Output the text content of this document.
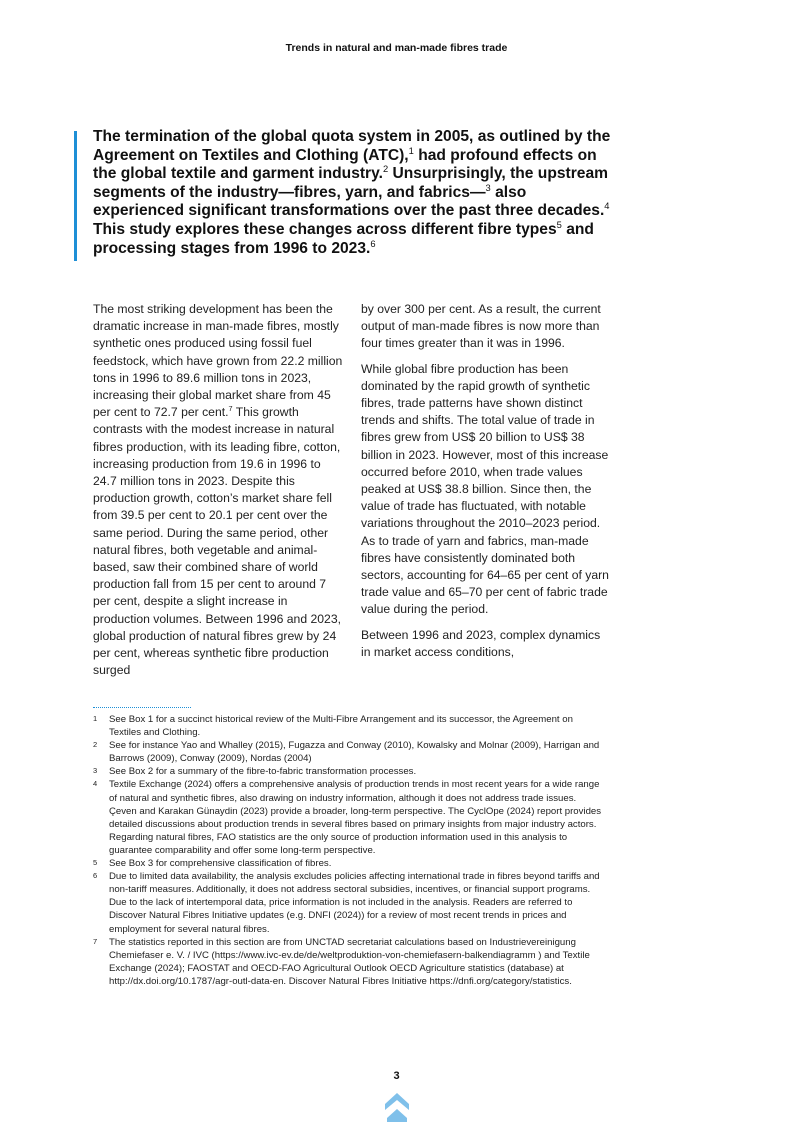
Trends in natural and man-made fibres trade

The termination of the global quota system in 2005, as outlined by the Agreement on Textiles and Clothing (ATC),$^1$ had profound effects on the global textile and garment industry.$^2$ Unsurprisingly, the upstream segments of the industry—fibres, yarn, and fabrics—$^3$ also experienced significant transformations over the past three decades.$^4$ This study explores these changes across different fibre types$^5$ and processing stages from 1996 to 2023.$^6$

The most striking development has been the dramatic increase in man-made fibres, mostly synthetic ones produced using fossil fuel feedstock, which have grown from 22.2 million tons in 1996 to 89.6 million tons in 2023, increasing their global market share from 45 per cent to 72.7 per cent.$^7$ This growth contrasts with the modest increase in natural fibres production, with its leading fibre, cotton, increasing production from 19.6 in 1996 to 24.7 million tons in 2023. Despite this production growth, cotton’s market share fell from 39.5 per cent to 20.1 per cent over the same period. During the same period, other natural fibres, both vegetable and animal-based, saw their combined share of world production fall from 15 per cent to around 7 per cent, despite a slight increase in production volumes. Between 1996 and 2023, global production of natural fibres grew by 24 per cent, whereas synthetic fibre production surged

by over 300 per cent. As a result, the current output of man-made fibres is now more than four times greater than it was in 1996.

While global fibre production has been dominated by the rapid growth of synthetic fibres, trade patterns have shown distinct trends and shifts. The total value of trade in fibres grew from US$ 20 billion to US$ 38 billion in 2023. However, most of this increase occurred before 2010, when trade values peaked at US$ 38.8 billion. Since then, the value of trade has fluctuated, with notable variations throughout the 2010–2023 period. As to trade of yarn and fabrics, man-made fibres have consistently dominated both sectors, accounting for 64–65 per cent of yarn trade value and 65–70 per cent of fabric trade value during the period.

Between 1996 and 2023, complex dynamics in market access conditions,

1	See Box 1 for a succinct historical review of the Multi-Fibre Arrangement and its successor, the Agreement on Textiles and Clothing.
2	See for instance Yao and Whalley (2015), Fugazza and Conway (2010), Kowalsky and Molnar (2009), Harrigan and Barrows (2009), Conway (2009), Nordas (2004)
3	See Box 2 for a summary of the fibre-to-fabric transformation processes.
4	Textile Exchange (2024) offers a comprehensive analysis of production trends in most recent years for a wide range of natural and synthetic fibres, also drawing on industry information, although it does not address trade issues. Çeven and Karakan Günaydin (2023) provide a broader, long-term perspective. The CyclOpe (2024) report provides detailed discussions about production trends in several fibres based on primary insights from major industry actors. Regarding natural fibres, FAO statistics are the only source of production information used in this analysis to guarantee comparability and offer some long-term perspective.
5	See Box 3 for comprehensive classification of fibres.
6	Due to limited data availability, the analysis excludes policies affecting international trade in fibres beyond tariffs and non-tariff measures. Additionally, it does not address sectoral subsidies, incentives, or financial support programs. Due to the lack of intertemporal data, price information is not included in the analysis. Readers are referred to Discover Natural Fibres Initiative updates (e.g. DNFI (2024)) for a review of most recent trends in prices and employment for several natural fibres.
7	The statistics reported in this section are from UNCTAD secretariat calculations based on Industrievereinigung Chemiefaser e. V. / IVC (https://www.ivc-ev.de/de/weltproduktion-von-chemiefasern-balkendiagramm ) and Textile Exchange (2024); FAOSTAT and OECD-FAO Agricultural Outlook OECD Agriculture statistics (database) at http://dx.doi.org/10.1787/agr-outl-data-en. Discover Natural Fibres Initiative https://dnfi.org/category/statistics.
3
